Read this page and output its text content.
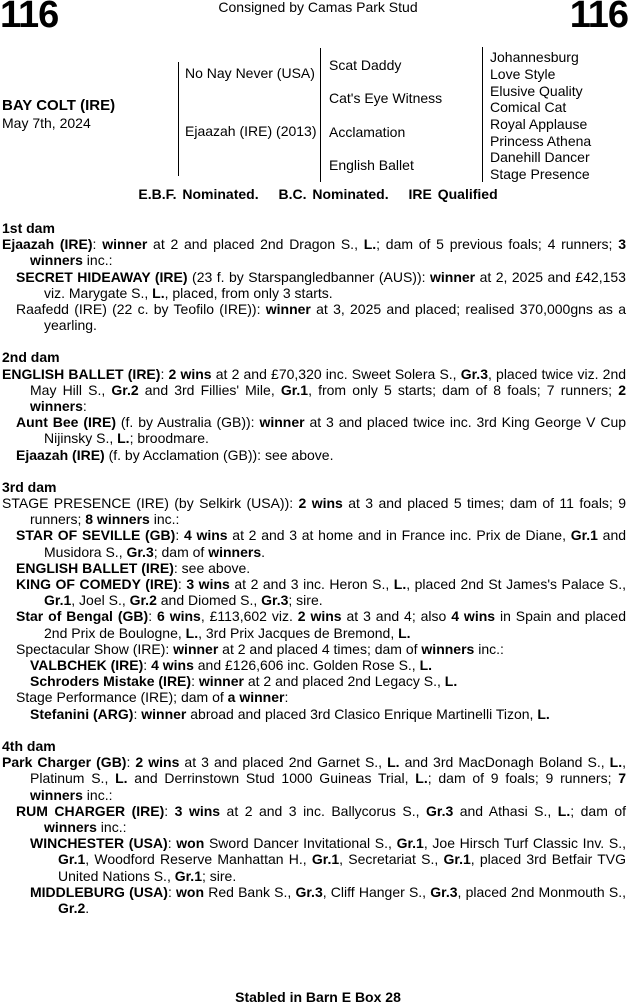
116	Consigned by Camas Park Stud	116
BAY COLT (IRE)
May 7th, 2024
No Nay Never (USA)
Ejaazah (IRE) (2013)
Scat Daddy
Cat's Eye Witness
Acclamation
English Ballet
Johannesburg
Love Style
Elusive Quality
Comical Cat
Royal Applause
Princess Athena
Danehill Dancer
Stage Presence
E.B.F. Nominated. B.C. Nominated. IRE Qualified
1st dam
Ejaazah (IRE): winner at 2 and placed 2nd Dragon S., L.; dam of 5 previous foals; 4 runners; 3 winners inc.:
SECRET HIDEAWAY (IRE) (23 f. by Starspangledbanner (AUS)): winner at 2, 2025 and £42,153 viz. Marygate S., L., placed, from only 3 starts.
Raafedd (IRE) (22 c. by Teofilo (IRE)): winner at 3, 2025 and placed; realised 370,000gns as a yearling.
2nd dam
ENGLISH BALLET (IRE): 2 wins at 2 and £70,320 inc. Sweet Solera S., Gr.3, placed twice viz. 2nd May Hill S., Gr.2 and 3rd Fillies' Mile, Gr.1, from only 5 starts; dam of 8 foals; 7 runners; 2 winners:
Aunt Bee (IRE) (f. by Australia (GB)): winner at 3 and placed twice inc. 3rd King George V Cup Nijinsky S., L.; broodmare.
Ejaazah (IRE) (f. by Acclamation (GB)): see above.
3rd dam
STAGE PRESENCE (IRE) (by Selkirk (USA)): 2 wins at 3 and placed 5 times; dam of 11 foals; 9 runners; 8 winners inc.:
STAR OF SEVILLE (GB): 4 wins at 2 and 3 at home and in France inc. Prix de Diane, Gr.1 and Musidora S., Gr.3; dam of winners.
ENGLISH BALLET (IRE): see above.
KING OF COMEDY (IRE): 3 wins at 2 and 3 inc. Heron S., L., placed 2nd St James's Palace S., Gr.1, Joel S., Gr.2 and Diomed S., Gr.3; sire.
Star of Bengal (GB): 6 wins, £113,602 viz. 2 wins at 3 and 4; also 4 wins in Spain and placed 2nd Prix de Boulogne, L., 3rd Prix Jacques de Bremond, L.
Spectacular Show (IRE): winner at 2 and placed 4 times; dam of winners inc.:
VALBCHEK (IRE): 4 wins and £126,606 inc. Golden Rose S., L.
Schroders Mistake (IRE): winner at 2 and placed 2nd Legacy S., L.
Stage Performance (IRE); dam of a winner:
Stefanini (ARG): winner abroad and placed 3rd Clasico Enrique Martinelli Tizon, L.
4th dam
Park Charger (GB): 2 wins at 3 and placed 2nd Garnet S., L. and 3rd MacDonagh Boland S., L., Platinum S., L. and Derrinstown Stud 1000 Guineas Trial, L.; dam of 9 foals; 9 runners; 7 winners inc.:
RUM CHARGER (IRE): 3 wins at 2 and 3 inc. Ballycorus S., Gr.3 and Athasi S., L.; dam of winners inc.:
WINCHESTER (USA): won Sword Dancer Invitational S., Gr.1, Joe Hirsch Turf Classic Inv. S., Gr.1, Woodford Reserve Manhattan H., Gr.1, Secretariat S., Gr.1, placed 3rd Betfair TVG United Nations S., Gr.1; sire.
MIDDLEBURG (USA): won Red Bank S., Gr.3, Cliff Hanger S., Gr.3, placed 2nd Monmouth S., Gr.2.
Stabled in Barn E Box 28
